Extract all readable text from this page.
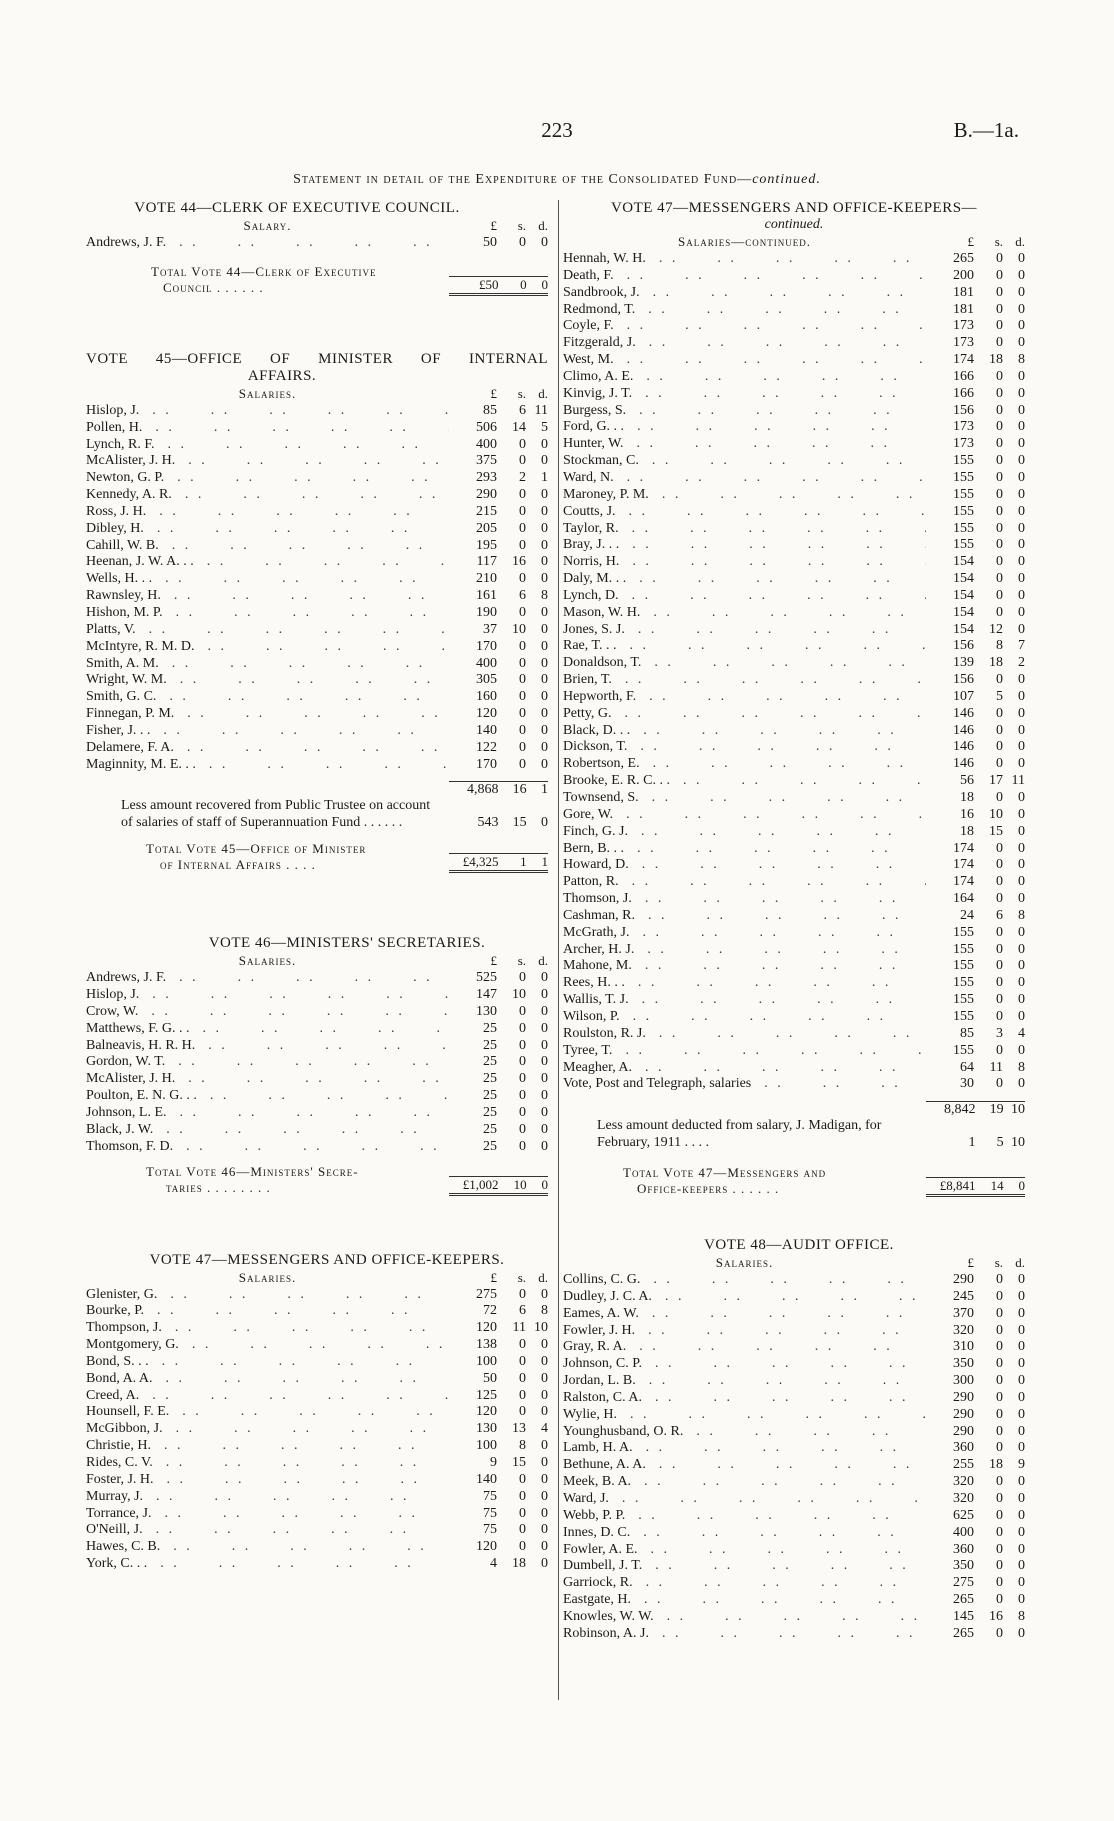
223	B.—1a.
Statement in detail of the Expenditure of the Consolidated Fund—continued.
VOTE 44—CLERK OF EXECUTIVE COUNCIL.
Salary.	£	s. d.
Andrews, J. F. . .	50	0	0
Total Vote 44—Clerk of Executive
Council . . . . . .	£50	0	0
VOTE 45—OFFICE OF MINISTER OF INTERNAL
AFFAIRS.
Salaries.	£	s. d.
Hislop, J. . .	85	6 11
Pollen, H. . .	506	14	5
Lynch, R. F. . .	400	0	0
McAlister, J. H. . .	375	0	0
Newton, G. P. . .	293	2	1
Kennedy, A. R. . .	290	0	0
Ross, J. H. . .	215	0	0
Dibley, H. . .	205	0	0
Cahill, W. B. . .	195	0	0
Heenan, J. W. A. . . . .	117	16	0
Wells, H. . . . .	210	0	0
Rawnsley, H. . .	161	6	8
Hishon, M. P. . .	190	0	0
Platts, V. . .	37	10	0
McIntyre, R. M. D. . .	170	0	0
Smith, A. M. . .	400	0	0
Wright, W. M. . .	305	0	0
Smith, G. C. . .	160	0	0
Finnegan, P. M. . .	120	0	0
Fisher, J. . . . .	140	0	0
Delamere, F. A. . .	122	0	0
Maginnity, M. E. . . . .	170	0	0
4,868	16	1
Less amount recovered from Public Trustee on account of salaries of staff of Superannuation Fund . . . . . .	543	15	0
Total Vote 45—Office of Minister
of Internal Affairs . . . .	£4,325	1	1
VOTE 46—MINISTERS' SECRETARIES.
Salaries.	£	s. d.
Andrews, J. F. . .	525	0	0
Hislop, J. . .	147	10	0
Crow, W. . .	130	0	0
Matthews, F. G. . . . .	25	0	0
Balneavis, H. R. H. . .	25	0	0
Gordon, W. T. . .	25	0	0
McAlister, J. H. . .	25	0	0
Poulton, E. N. G. . . . .	25	0	0
Johnson, L. E. . .	25	0	0
Black, J. W. . .	25	0	0
Thomson, F. D. . .	25	0	0
Total Vote 46—Ministers' Secre-
taries . . . . . . . .	£1,002	10	0
VOTE 47—MESSENGERS AND OFFICE-KEEPERS.
Salaries.	£	s. d.
Glenister, G. . .	275	0	0
Bourke, P. . .	72	6	8
Thompson, J. . .	120	11 10
Montgomery, G. . .	138	0	0
Bond, S. . . . .	100	0	0
Bond, A. A. . .	50	0	0
Creed, A. . .	125	0	0
Hounsell, F. E. . .	120	0	0
McGibbon, J. . .	130	13	4
Christie, H. . .	100	8	0
Rides, C. V. . .	9	15	0
Foster, J. H. . .	140	0	0
Murray, J. . .	75	0	0
Torrance, J. . .	75	0	0
O'Neill, J. . .	75	0	0
Hawes, C. B. . .	120	0	0
York, C. . . . .	4	18	0
VOTE 47—MESSENGERS AND OFFICE-KEEPERS—
continued.
Salaries—continued.	£	s. d.
Hennah, W. H. . .	265	0	0
Death, F. . .	200	0	0
Sandbrook, J. . .	181	0	0
Redmond, T. . .	181	0	0
Coyle, F. . .	173	0	0
Fitzgerald, J. . .	173	0	0
West, M. . .	174	18	8
Climo, A. E. . .	166	0	0
Kinvig, J. T. . .	166	0	0
Burgess, S. . .	156	0	0
Ford, G. . . . .	173	0	0
Hunter, W. . .	173	0	0
Stockman, C. . .	155	0	0
Ward, N. . .	155	0	0
Maroney, P. M. . .	155	0	0
Coutts, J. . .	155	0	0
Taylor, R. . .	155	0	0
Bray, J. . . . .	155	0	0
Norris, H. . .	154	0	0
Daly, M. . . . .	154	0	0
Lynch, D. . .	154	0	0
Mason, W. H. . .	154	0	0
Jones, S. J. . .	154	12	0
Rae, T. . . . .	156	8	7
Donaldson, T. . .	139	18	2
Brien, T. . .	156	0	0
Hepworth, F. . .	107	5	0
Petty, G. . .	146	0	0
Black, D. . . . .	146	0	0
Dickson, T. . .	146	0	0
Robertson, E. . .	146	0	0
Brooke, E. R. C. . . . .	56	17 11
Townsend, S. . .	18	0	0
Gore, W. . .	16	10	0
Finch, G. J. . .	18	15	0
Bern, B. . . . .	174	0	0
Howard, D. . .	174	0	0
Patton, R. . .	174	0	0
Thomson, J. . .	164	0	0
Cashman, R. . .	24	6	8
McGrath, J. . .	155	0	0
Archer, H. J. . .	155	0	0
Mahone, M. . .	155	0	0
Rees, H. . . . .	155	0	0
Wallis, T. J. . .	155	0	0
Wilson, P. . .	155	0	0
Roulston, R. J. . .	85	3	4
Tyree, T. . .	155	0	0
Meagher, A. . .	64	11	8
Vote, Post and Telegraph, salaries . .	30	0	0
8,842	19 10
Less amount deducted from salary, J. Madigan, for February, 1911 . . . .	1	5 10
Total Vote 47—Messengers and
Office-keepers . . . . . .	£8,841	14	0
VOTE 48—AUDIT OFFICE.
Salaries.	£	s. d.
Collins, C. G. . .	290	0	0
Dudley, J. C. A. . .	245	0	0
Eames, A. W. . .	370	0	0
Fowler, J. H. . .	320	0	0
Gray, R. A. . .	310	0	0
Johnson, C. P. . .	350	0	0
Jordan, L. B. . .	300	0	0
Ralston, C. A. . .	290	0	0
Wylie, H. . .	290	0	0
Younghusband, O. R. . .	290	0	0
Lamb, H. A. . .	360	0	0
Bethune, A. A. . .	255	18	9
Meek, B. A. . .	320	0	0
Ward, J. . .	320	0	0
Webb, P. P. . .	625	0	0
Innes, D. C. . .	400	0	0
Fowler, A. E. . .	360	0	0
Dumbell, J. T. . .	350	0	0
Garriock, R. . .	275	0	0
Eastgate, H. . .	265	0	0
Knowles, W. W. . .	145	16	8
Robinson, A. J. . .	265	0	0
